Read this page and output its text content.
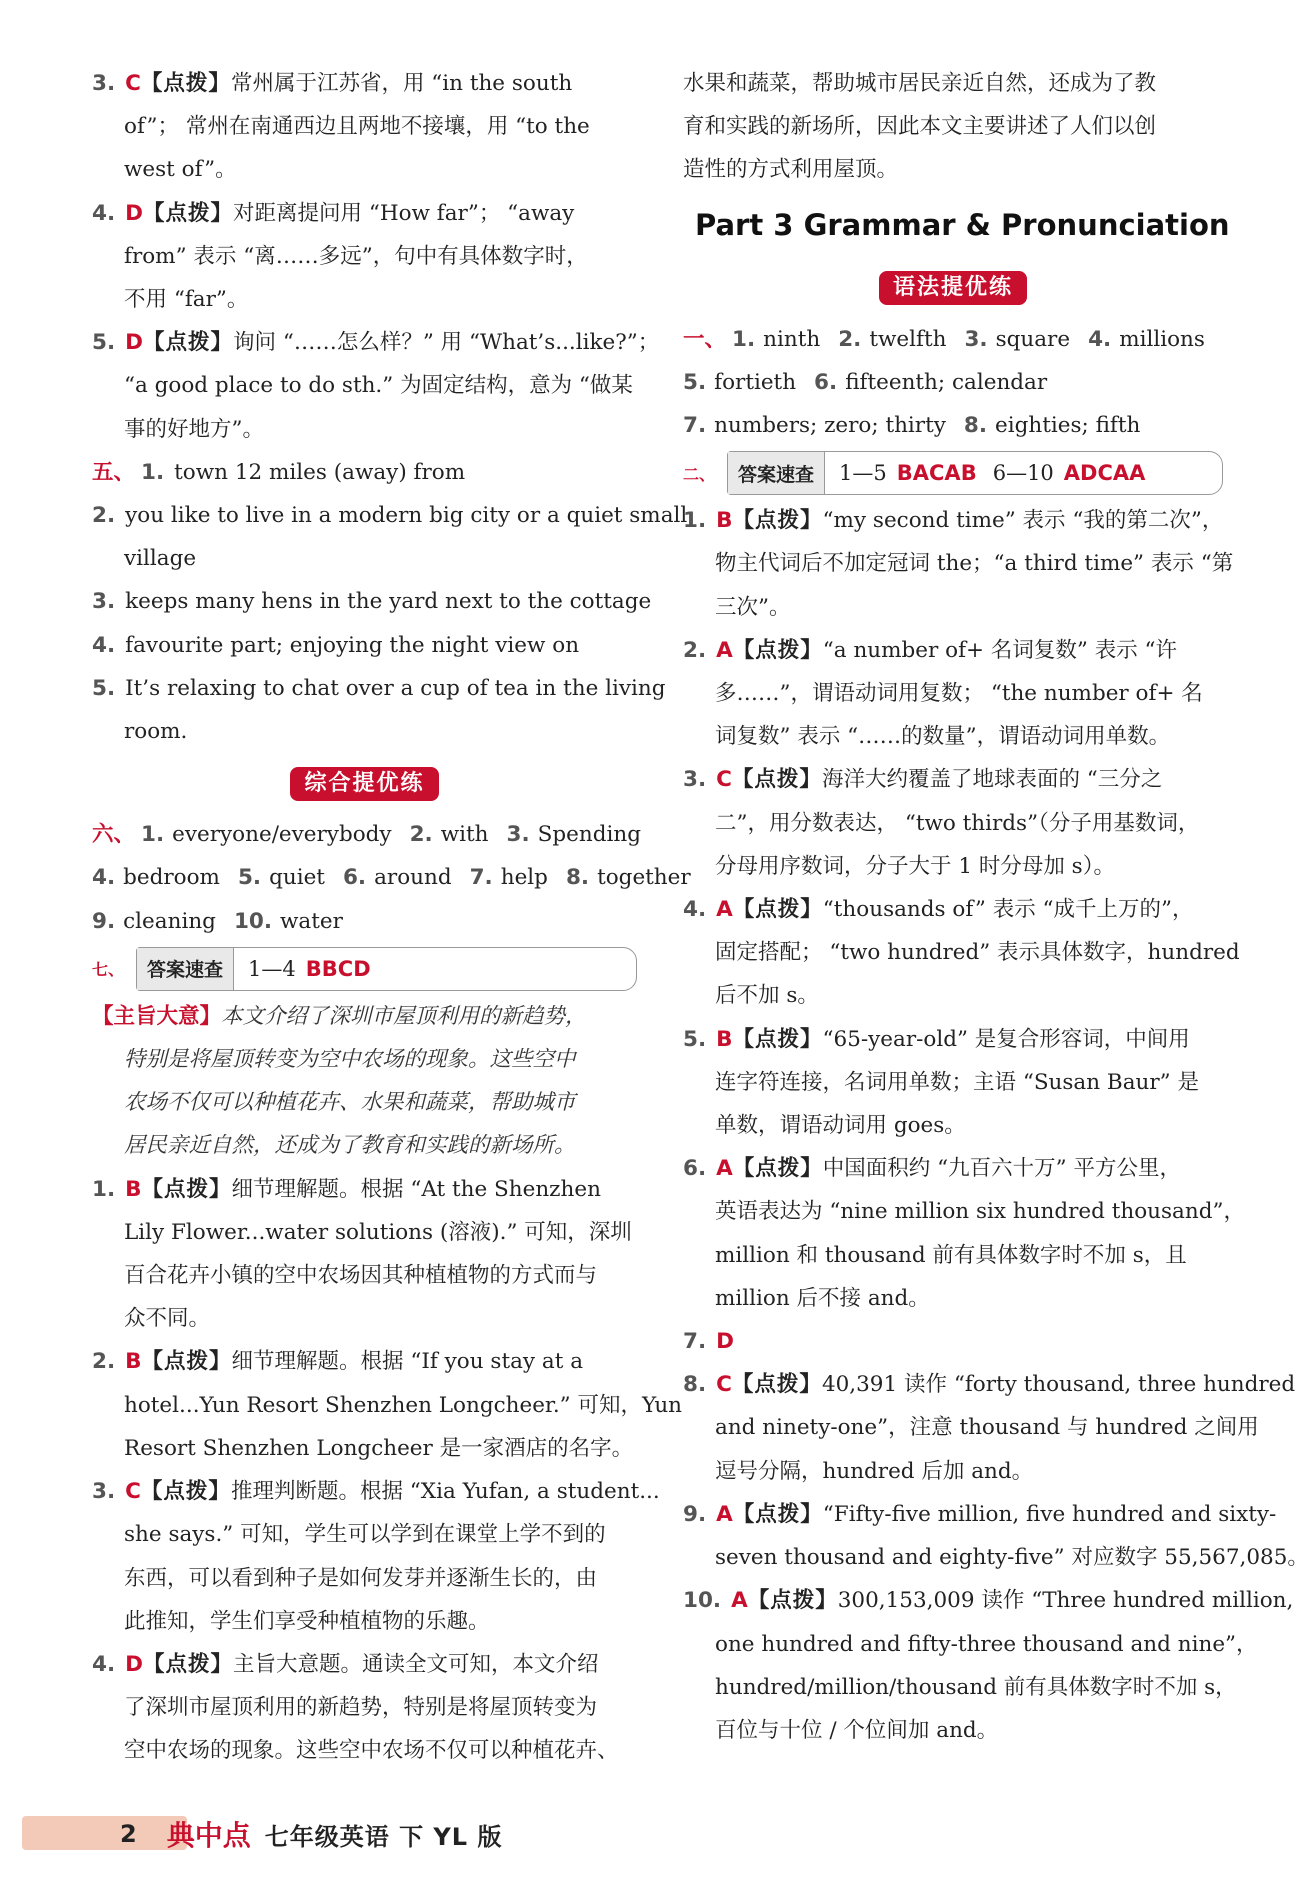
3. C【点拨】常州属于江苏省，用 “in the south
of”； 常州在南通西边且两地不接壤，用 “to the
west of”。
4. D【点拨】对距离提问用 “How far”； “away
from” 表示 “离……多远”，句中有具体数字时，
不用 “far”。
5. D【点拨】询问 “……怎么样？” 用 “What’s...like?”；
“a good place to do sth.” 为固定结构，意为 “做某
事的好地方”。
五、 1. town 12 miles (away) from
2. you like to live in a modern big city or a quiet small
village
3. keeps many hens in the yard next to the cottage
4. favourite part; enjoying the night view on
5. It’s relaxing to chat over a cup of tea in the living
room.
综合提优练
六、 1. everyone/everybody 2. with 3. Spending
4. bedroom 5. quiet 6. around 7. help 8. together
9. cleaning 10. water
七、	答案速查	1—4 BBCD
【主旨大意】本文介绍了深圳市屋顶利用的新趋势，
特别是将屋顶转变为空中农场的现象。这些空中
农场不仅可以种植花卉、水果和蔬菜，帮助城市
居民亲近自然，还成为了教育和实践的新场所。
1. B【点拨】细节理解题。根据 “At the Shenzhen
Lily Flower...water solutions (溶液).” 可知，深圳
百合花卉小镇的空中农场因其种植植物的方式而与
众不同。
2. B【点拨】细节理解题。根据 “If you stay at a
hotel...Yun Resort Shenzhen Longcheer.” 可知，Yun
Resort Shenzhen Longcheer 是一家酒店的名字。
3. C【点拨】推理判断题。根据 “Xia Yufan, a student...
she says.” 可知，学生可以学到在课堂上学不到的
东西，可以看到种子是如何发芽并逐渐生长的，由
此推知，学生们享受种植植物的乐趣。
4. D【点拨】主旨大意题。通读全文可知，本文介绍
了深圳市屋顶利用的新趋势，特别是将屋顶转变为
空中农场的现象。这些空中农场不仅可以种植花卉、
水果和蔬菜，帮助城市居民亲近自然，还成为了教
育和实践的新场所，因此本文主要讲述了人们以创
造性的方式利用屋顶。
Part 3 Grammar & Pronunciation
语法提优练
一、 1. ninth 2. twelfth 3. square 4. millions
5. fortieth 6. fifteenth; calendar
7. numbers; zero; thirty 8. eighties; fifth
二、	答案速查	1—5 BACAB 6—10 ADCAA
1. B【点拨】“my second time” 表示 “我的第二次”，
物主代词后不加定冠词 the；“a third time” 表示 “第
三次”。
2. A【点拨】“a number of+ 名词复数” 表示 “许
多……”，谓语动词用复数； “the number of+ 名
词复数” 表示 “……的数量”，谓语动词用单数。
3. C【点拨】海洋大约覆盖了地球表面的 “三分之
二”，用分数表达， “two thirds”（分子用基数词，
分母用序数词，分子大于 1 时分母加 s）。
4. A【点拨】“thousands of” 表示 “成千上万的”，
固定搭配； “two hundred” 表示具体数字，hundred
后不加 s。
5. B【点拨】“65-year-old” 是复合形容词，中间用
连字符连接，名词用单数；主语 “Susan Baur” 是
单数，谓语动词用 goes。
6. A【点拨】中国面积约 “九百六十万” 平方公里，
英语表达为 “nine million six hundred thousand”，
million 和 thousand 前有具体数字时不加 s，且
million 后不接 and。
7. D
8. C【点拨】40,391 读作 “forty thousand, three hundred
and ninety-one”，注意 thousand 与 hundred 之间用
逗号分隔，hundred 后加 and。
9. A【点拨】“Fifty-five million, five hundred and sixty-
seven thousand and eighty-five” 对应数字 55,567,085。
10. A【点拨】300,153,009 读作 “Three hundred million,
one hundred and fifty-three thousand and nine”，
hundred/million/thousand 前有具体数字时不加 s，
百位与十位 / 个位间加 and。
2 典中点 七年级英语 下 YL 版
